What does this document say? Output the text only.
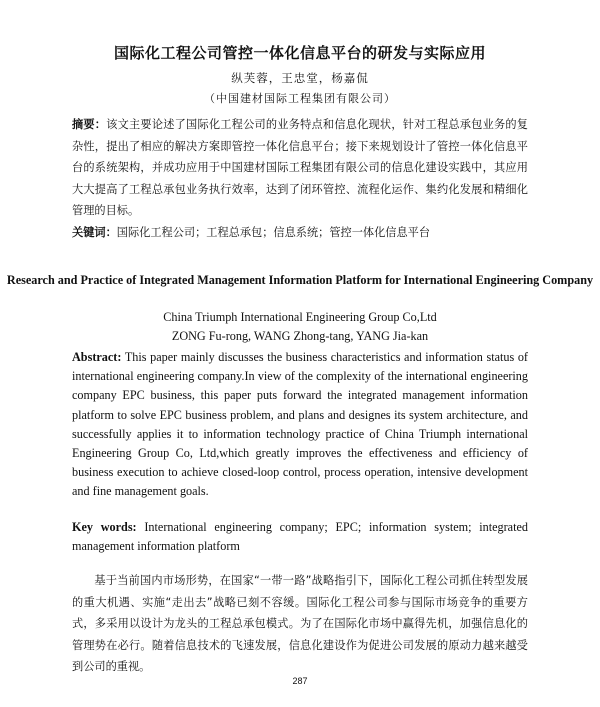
国际化工程公司管控一体化信息平台的研发与实际应用
纵芙蓉，王忠堂，杨嘉侃
（中国建材国际工程集团有限公司）
摘要：该文主要论述了国际化工程公司的业务特点和信息化现状，针对工程总承包业务的复杂性，提出了相应的解决方案即管控一体化信息平台；接下来规划设计了管控一体化信息平台的系统架构，并成功应用于中国建材国际工程集团有限公司的信息化建设实践中，其应用大大提高了工程总承包业务执行效率，达到了闭环管控、流程化运作、集约化发展和精细化管理的目标。
关键词：国际化工程公司；工程总承包；信息系统；管控一体化信息平台
Research and Practice of Integrated Management Information Platform for International Engineering Company
China Triumph International Engineering Group Co,Ltd
ZONG Fu-rong, WANG Zhong-tang, YANG Jia-kan
Abstract: This paper mainly discusses the business characteristics and information status of international engineering company.In view of the complexity of the international engineering company EPC business, this paper puts forward the integrated management information platform to solve EPC business problem, and plans and designes its system architecture, and successfully applies it to information technology practice of China Triumph international Engineering Group Co, Ltd,which greatly improves the effectiveness and efficiency of business execution to achieve closed-loop control, process operation, intensive development and fine management goals.
Key words: International engineering company; EPC; information system; integrated management information platform
基于当前国内市场形势，在国家“一带一路”战略指引下，国际化工程公司抓住转型发展的重大机遇、实施“走出去”战略已刻不容缓。国际化工程公司参与国际市场竞争的重要方式，多采用以设计为龙头的工程总承包模式。为了在国际化市场中赢得先机，加强信息化的管理势在必行。随着信息技术的飞速发展，信息化建设作为促进公司发展的原动力越来越受到公司的重视。
287
